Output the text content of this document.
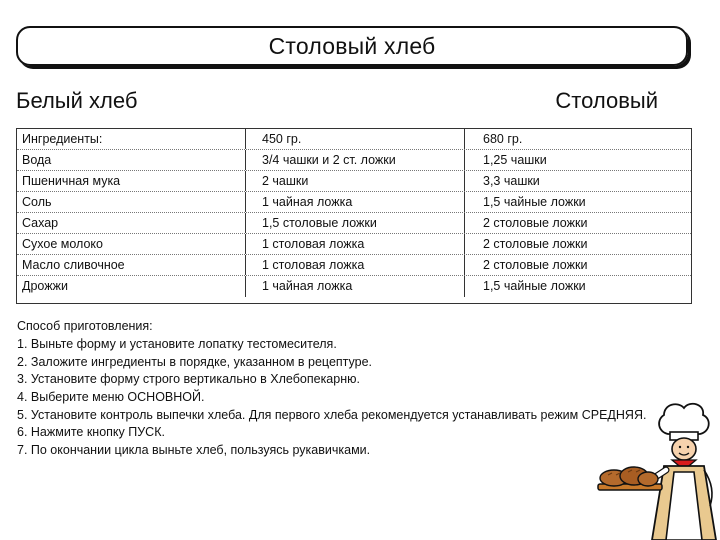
Столовый хлеб
Белый хлеб	Столовый
Ингредиенты:	450 гр.	680 гр.
Вода	3/4 чашки и 2 ст. ложки	1,25 чашки
Пшеничная мука	2 чашки	3,3 чашки
Соль	1 чайная ложка	1,5 чайные ложки
Сахар	1,5 столовые ложки	2 столовые ложки
Сухое молоко	1 столовая ложка	2 столовые ложки
Масло сливочное	1 столовая ложка	2 столовые ложки
Дрожжи	1 чайная ложка	1,5 чайные ложки
Способ приготовления:
1. Выньте форму и установите лопатку тестомесителя.
2. Заложите ингредиенты в порядке, указанном в рецептуре.
3. Установите форму строго вертикально в Хлебопекарню.
4. Выберите меню ОСНОВНОЙ.
5. Установите контроль выпечки хлеба. Для первого хлеба рекомендуется устанавливать режим СРЕДНЯЯ.
6. Нажмите кнопку ПУСК.
7. По окончании цикла выньте хлеб, пользуясь рукавичками.
